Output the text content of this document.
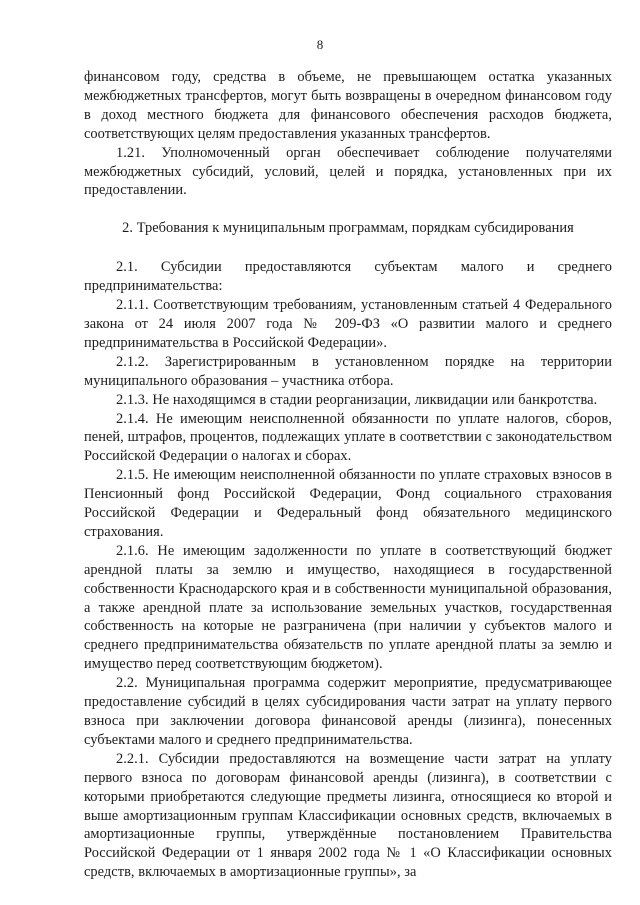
8

финансовом году, средства в объеме, не превышающем остатка указанных межбюджетных трансфертов, могут быть возвращены в очередном финансовом году в доход местного бюджета для финансового обеспечения расходов бюджета, соответствующих целям предоставления указанных трансфертов.

1.21. Уполномоченный орган обеспечивает соблюдение получателями межбюджетных субсидий, условий, целей и порядка, установленных при их предоставлении.

2. Требования к муниципальным программам, порядкам субсидирования

2.1. Субсидии предоставляются субъектам малого и среднего предпринимательства:

2.1.1. Соответствующим требованиям, установленным статьей 4 Федерального закона от 24 июля 2007 года № 209-ФЗ «О развитии малого и среднего предпринимательства в Российской Федерации».

2.1.2. Зарегистрированным в установленном порядке на территории муниципального образования – участника отбора.

2.1.3. Не находящимся в стадии реорганизации, ликвидации или банкротства.

2.1.4. Не имеющим неисполненной обязанности по уплате налогов, сборов, пеней, штрафов, процентов, подлежащих уплате в соответствии с законодательством Российской Федерации о налогах и сборах.

2.1.5. Не имеющим неисполненной обязанности по уплате страховых взносов в Пенсионный фонд Российской Федерации, Фонд социального страхования Российской Федерации и Федеральный фонд обязательного медицинского страхования.

2.1.6. Не имеющим задолженности по уплате в соответствующий бюджет арендной платы за землю и имущество, находящиеся в государственной собственности Краснодарского края и в собственности муниципальной образования, а также арендной плате за использование земельных участков, государственная собственность на которые не разграничена (при наличии у субъектов малого и среднего предпринимательства обязательств по уплате арендной платы за землю и имущество перед соответствующим бюджетом).

2.2. Муниципальная программа содержит мероприятие, предусматривающее предоставление субсидий в целях субсидирования части затрат на уплату первого взноса при заключении договора финансовой аренды (лизинга), понесенных субъектами малого и среднего предпринимательства.

2.2.1. Субсидии предоставляются на возмещение части затрат на уплату первого взноса по договорам финансовой аренды (лизинга), в соответствии с которыми приобретаются следующие предметы лизинга, относящиеся ко второй и выше амортизационным группам Классификации основных средств, включаемых в амортизационные группы, утверждённые постановлением Правительства Российской Федерации от 1 января 2002 года № 1 «О Классификации основных средств, включаемых в амортизационные группы», за
